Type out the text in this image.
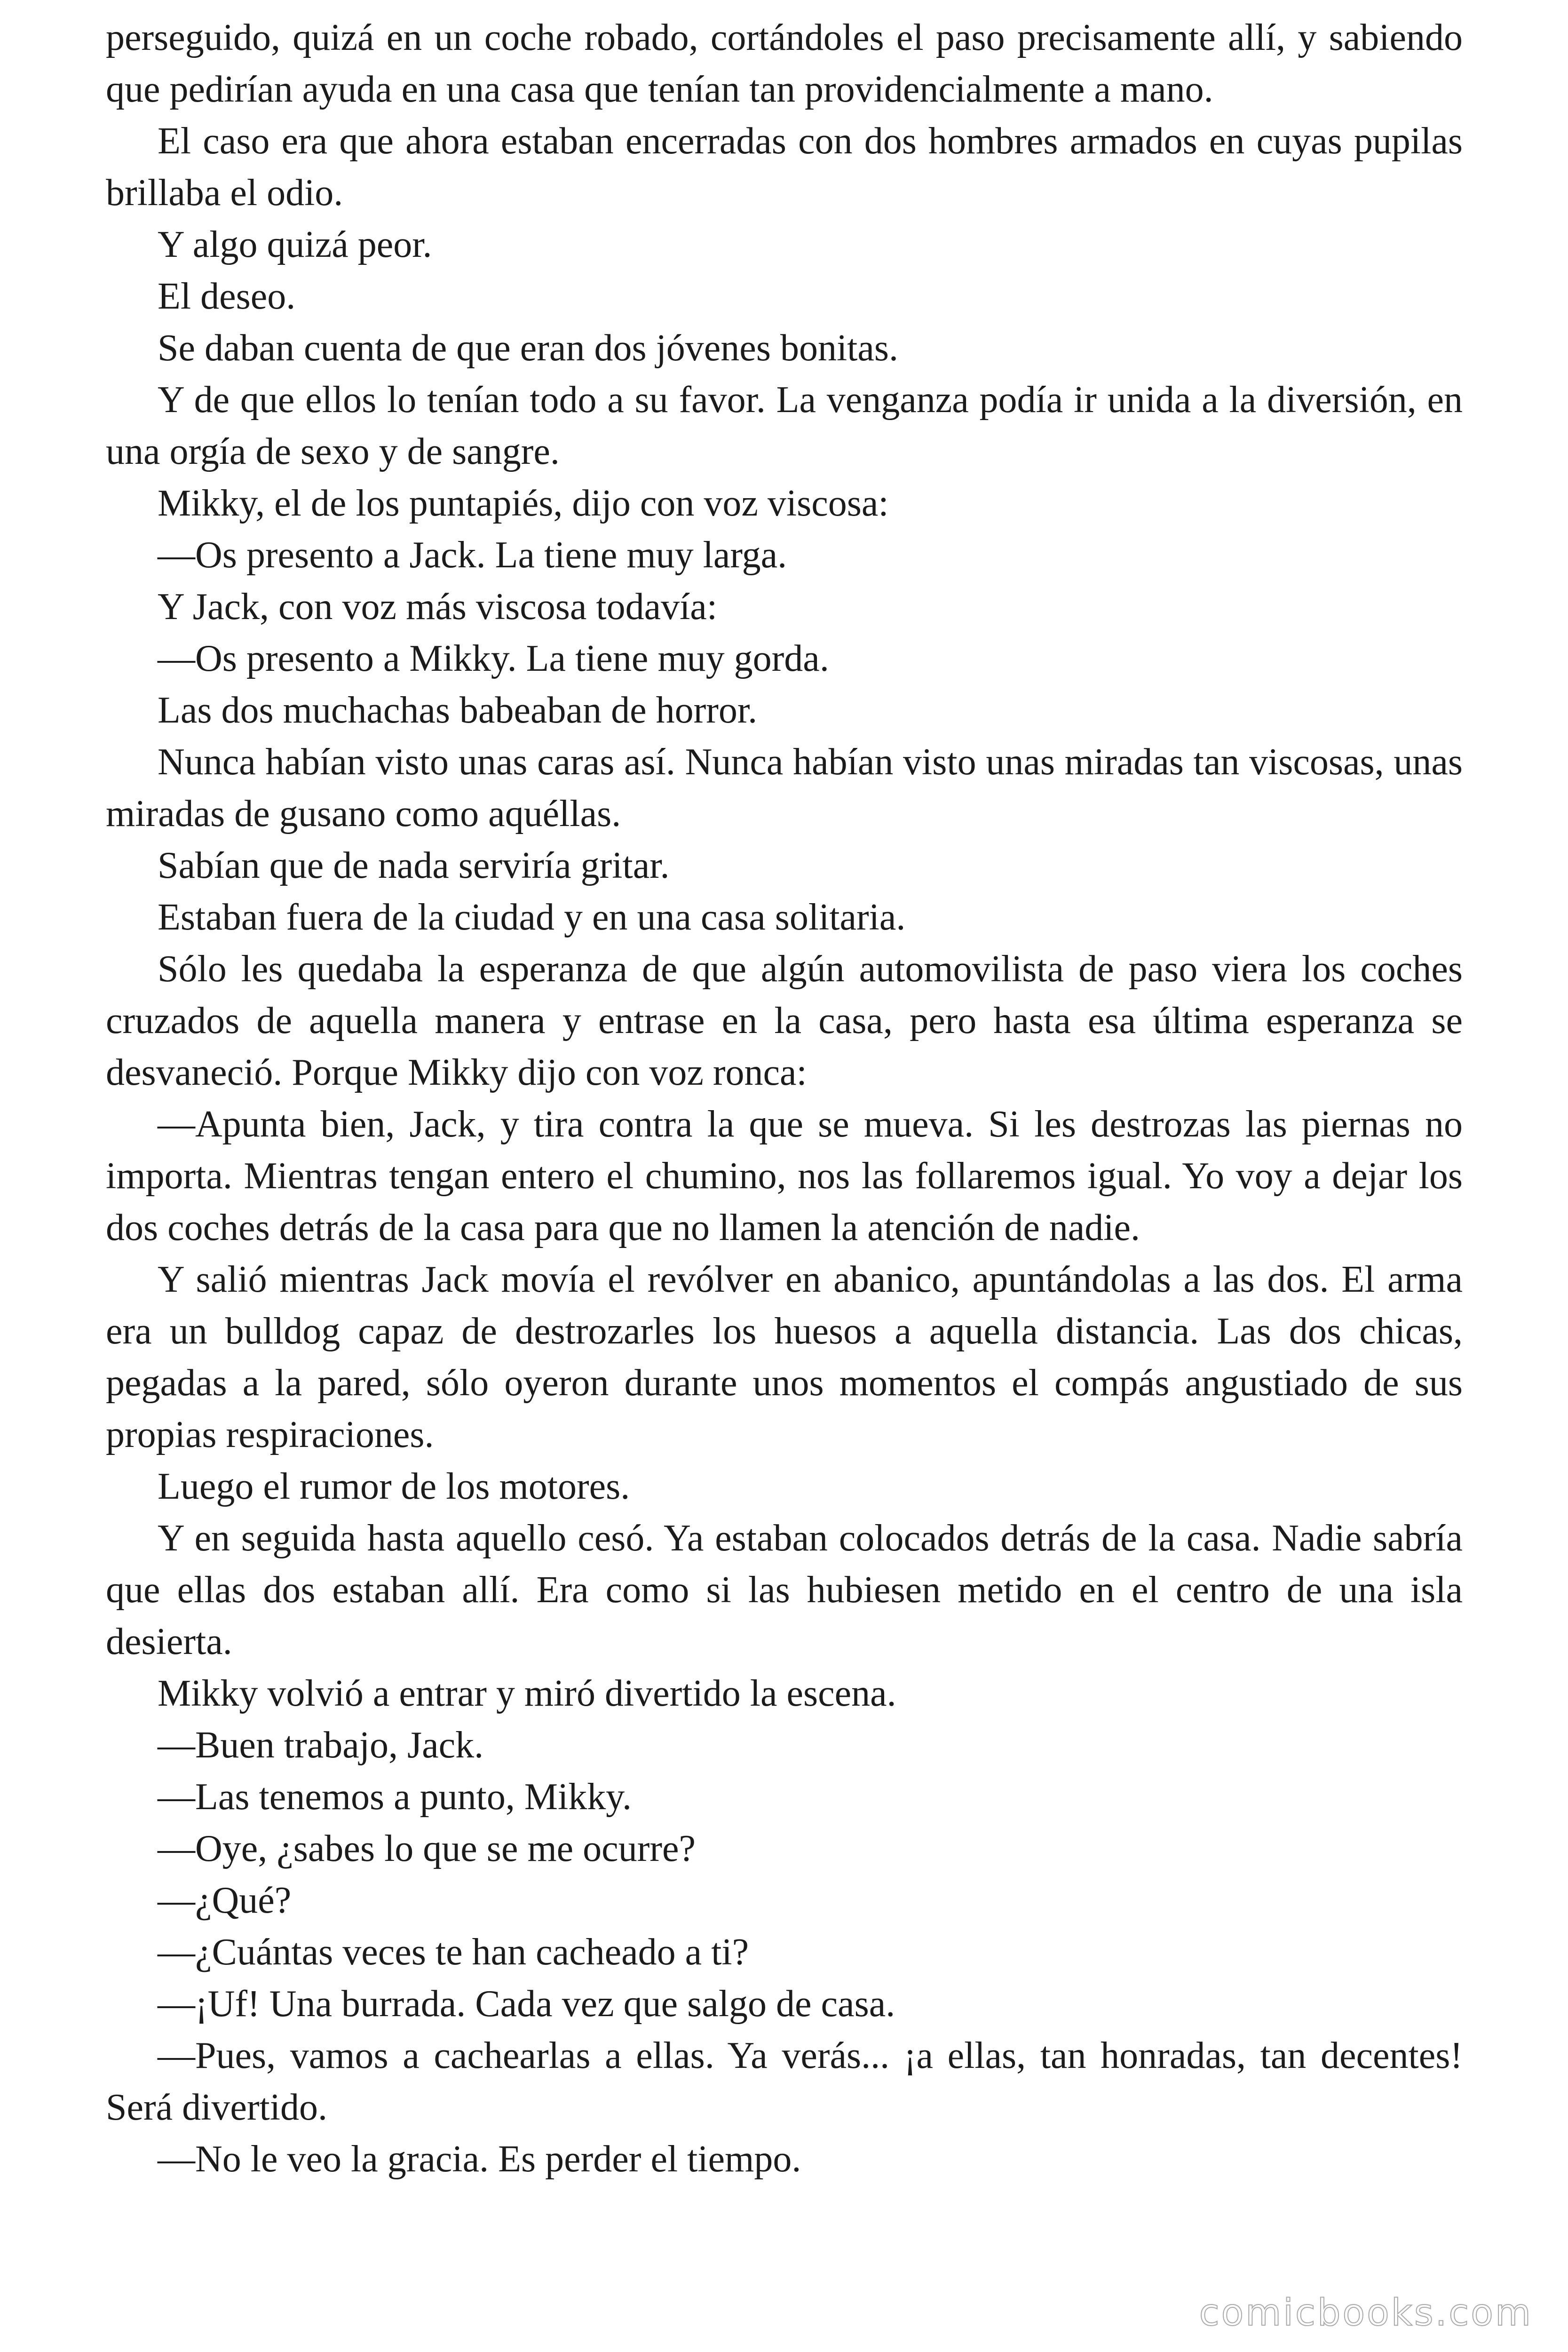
perseguido, quizá en un coche robado, cortándoles el paso precisamente allí, y sabiendo que pedirían ayuda en una casa que tenían tan providencialmente a mano.

El caso era que ahora estaban encerradas con dos hombres armados en cuyas pupilas brillaba el odio.

Y algo quizá peor.

El deseo.

Se daban cuenta de que eran dos jóvenes bonitas.

Y de que ellos lo tenían todo a su favor. La venganza podía ir unida a la diversión, en una orgía de sexo y de sangre.

Mikky, el de los puntapiés, dijo con voz viscosa:

—Os presento a Jack. La tiene muy larga.

Y Jack, con voz más viscosa todavía:

—Os presento a Mikky. La tiene muy gorda.

Las dos muchachas babeaban de horror.

Nunca habían visto unas caras así. Nunca habían visto unas miradas tan viscosas, unas miradas de gusano como aquéllas.

Sabían que de nada serviría gritar.

Estaban fuera de la ciudad y en una casa solitaria.

Sólo les quedaba la esperanza de que algún automovilista de paso viera los coches cruzados de aquella manera y entrase en la casa, pero hasta esa última esperanza se desvaneció. Porque Mikky dijo con voz ronca:

—Apunta bien, Jack, y tira contra la que se mueva. Si les destrozas las piernas no importa. Mientras tengan entero el chumino, nos las follaremos igual. Yo voy a dejar los dos coches detrás de la casa para que no llamen la atención de nadie.

Y salió mientras Jack movía el revólver en abanico, apuntándolas a las dos. El arma era un bulldog capaz de destrozarles los huesos a aquella distancia. Las dos chicas, pegadas a la pared, sólo oyeron durante unos momentos el compás angustiado de sus propias respiraciones.

Luego el rumor de los motores.

Y en seguida hasta aquello cesó. Ya estaban colocados detrás de la casa. Nadie sabría que ellas dos estaban allí. Era como si las hubiesen metido en el centro de una isla desierta.

Mikky volvió a entrar y miró divertido la escena.

—Buen trabajo, Jack.

—Las tenemos a punto, Mikky.

—Oye, ¿sabes lo que se me ocurre?

—¿Qué?

—¿Cuántas veces te han cacheado a ti?

—¡Uf! Una burrada. Cada vez que salgo de casa.

—Pues, vamos a cachearlas a ellas. Ya verás... ¡a ellas, tan honradas, tan decentes! Será divertido.

—No le veo la gracia. Es perder el tiempo.

comicbooks.com
